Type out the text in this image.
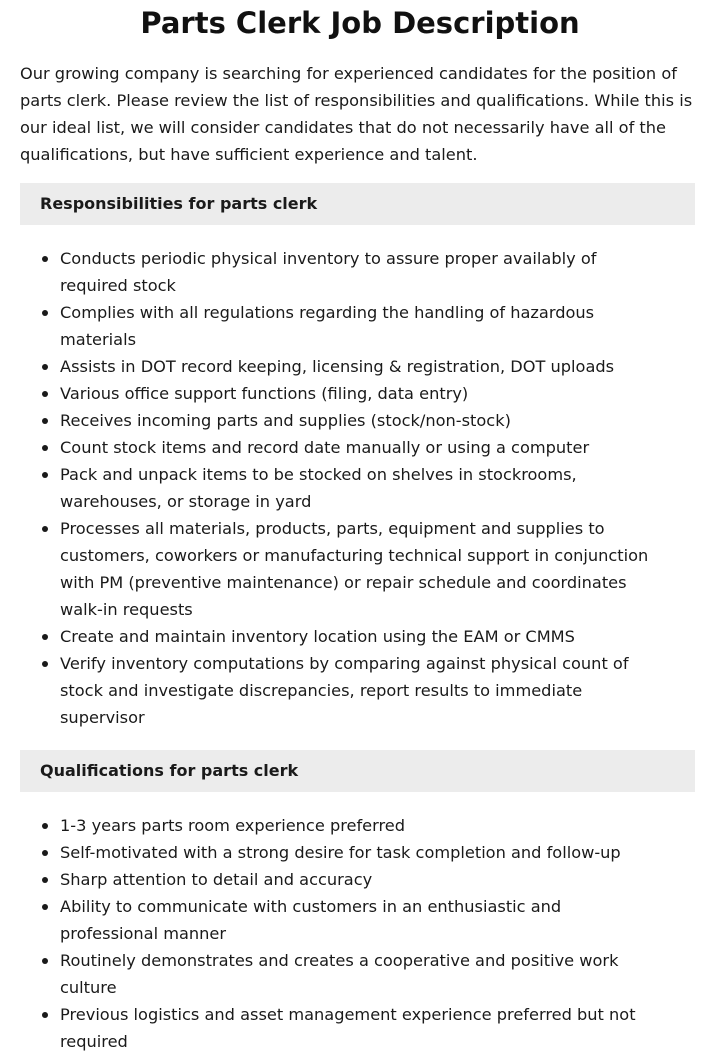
Parts Clerk Job Description

Our growing company is searching for experienced candidates for the position of parts clerk. Please review the list of responsibilities and qualifications. While this is our ideal list, we will consider candidates that do not necessarily have all of the qualifications, but have sufficient experience and talent.

Responsibilities for parts clerk
Conducts periodic physical inventory to assure proper availably of required stock
Complies with all regulations regarding the handling of hazardous materials
Assists in DOT record keeping, licensing & registration, DOT uploads
Various office support functions (filing, data entry)
Receives incoming parts and supplies (stock/non-stock)
Count stock items and record date manually or using a computer
Pack and unpack items to be stocked on shelves in stockrooms, warehouses, or storage in yard
Processes all materials, products, parts, equipment and supplies to customers, coworkers or manufacturing technical support in conjunction with PM (preventive maintenance) or repair schedule and coordinates walk-in requests
Create and maintain inventory location using the EAM or CMMS
Verify inventory computations by comparing against physical count of stock and investigate discrepancies, report results to immediate supervisor
Qualifications for parts clerk
1-3 years parts room experience preferred
Self-motivated with a strong desire for task completion and follow-up
Sharp attention to detail and accuracy
Ability to communicate with customers in an enthusiastic and professional manner
Routinely demonstrates and creates a cooperative and positive work culture
Previous logistics and asset management experience preferred but not required
